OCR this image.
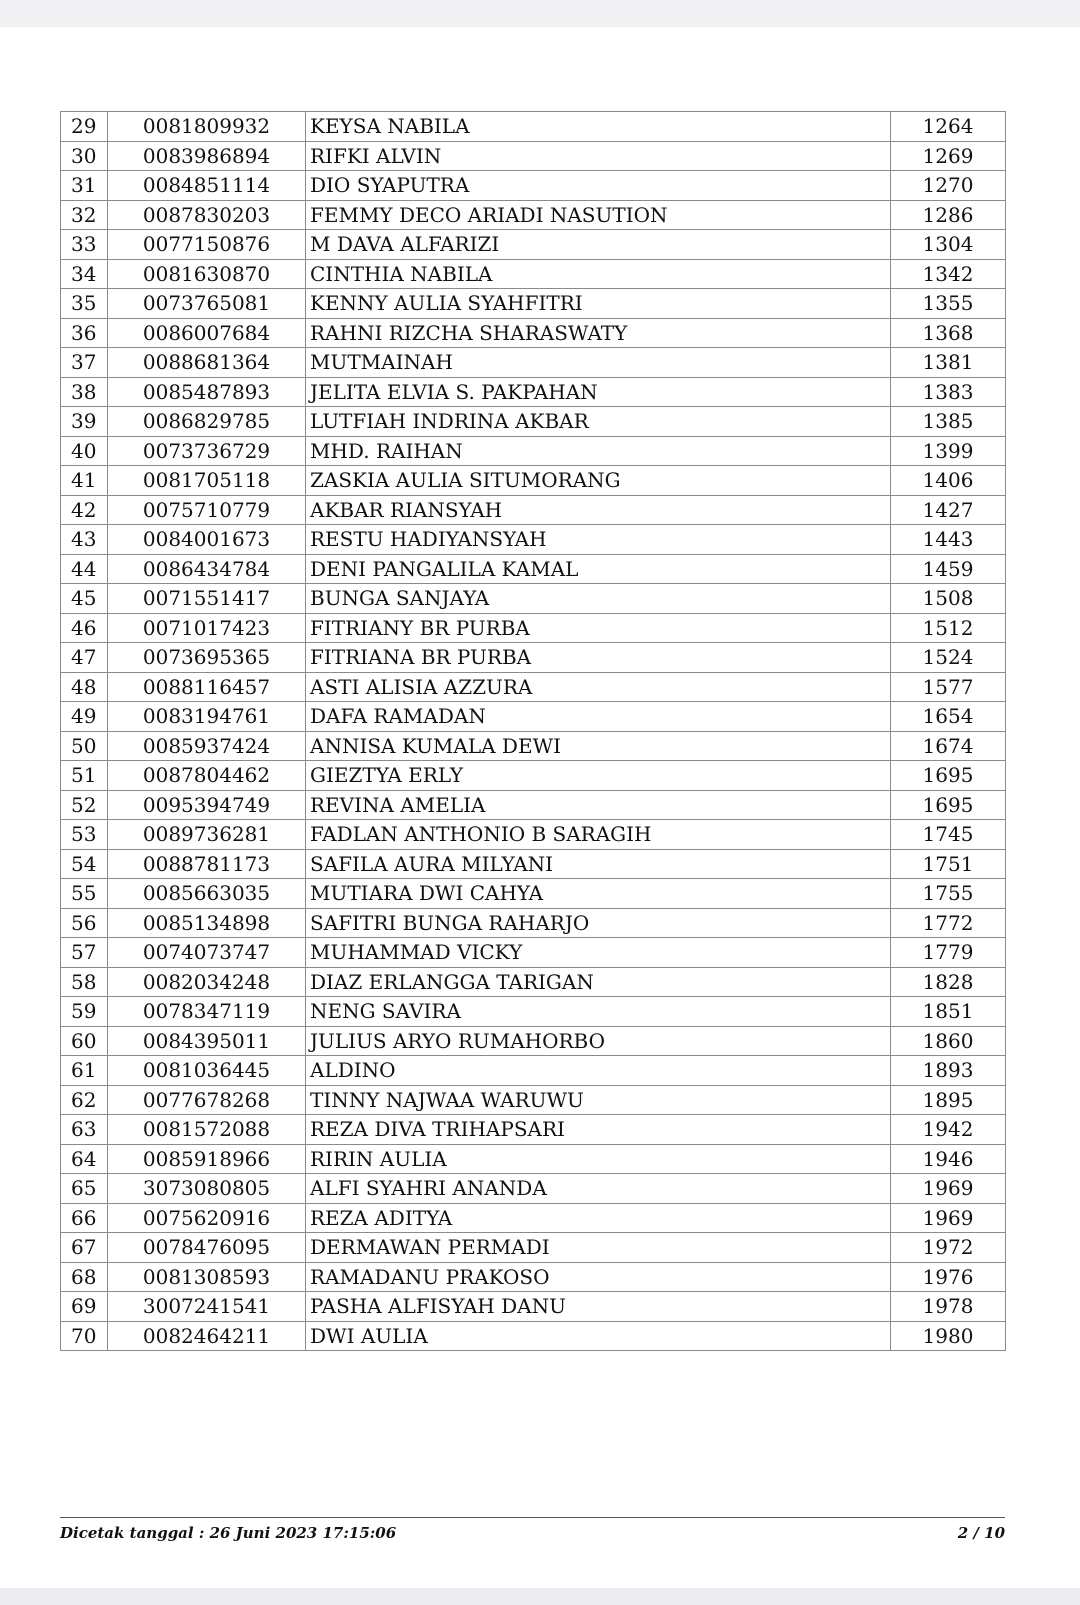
29	0081809932	KEYSA NABILA	1264
30	0083986894	RIFKI ALVIN	1269
31	0084851114	DIO SYAPUTRA	1270
32	0087830203	FEMMY DECO ARIADI NASUTION	1286
33	0077150876	M DAVA ALFARIZI	1304
34	0081630870	CINTHIA NABILA	1342
35	0073765081	KENNY AULIA SYAHFITRI	1355
36	0086007684	RAHNI RIZCHA SHARASWATY	1368
37	0088681364	MUTMAINAH	1381
38	0085487893	JELITA ELVIA S. PAKPAHAN	1383
39	0086829785	LUTFIAH INDRINA AKBAR	1385
40	0073736729	MHD. RAIHAN	1399
41	0081705118	ZASKIA AULIA SITUMORANG	1406
42	0075710779	AKBAR RIANSYAH	1427
43	0084001673	RESTU HADIYANSYAH	1443
44	0086434784	DENI PANGALILA KAMAL	1459
45	0071551417	BUNGA SANJAYA	1508
46	0071017423	FITRIANY BR PURBA	1512
47	0073695365	FITRIANA BR PURBA	1524
48	0088116457	ASTI ALISIA AZZURA	1577
49	0083194761	DAFA RAMADAN	1654
50	0085937424	ANNISA KUMALA DEWI	1674
51	0087804462	GIEZTYA ERLY	1695
52	0095394749	REVINA AMELIA	1695
53	0089736281	FADLAN ANTHONIO B SARAGIH	1745
54	0088781173	SAFILA AURA MILYANI	1751
55	0085663035	MUTIARA DWI CAHYA	1755
56	0085134898	SAFITRI BUNGA RAHARJO	1772
57	0074073747	MUHAMMAD VICKY	1779
58	0082034248	DIAZ ERLANGGA TARIGAN	1828
59	0078347119	NENG SAVIRA	1851
60	0084395011	JULIUS ARYO RUMAHORBO	1860
61	0081036445	ALDINO	1893
62	0077678268	TINNY NAJWAA WARUWU	1895
63	0081572088	REZA DIVA TRIHAPSARI	1942
64	0085918966	RIRIN AULIA	1946
65	3073080805	ALFI SYAHRI ANANDA	1969
66	0075620916	REZA ADITYA	1969
67	0078476095	DERMAWAN PERMADI	1972
68	0081308593	RAMADANU PRAKOSO	1976
69	3007241541	PASHA ALFISYAH DANU	1978
70	0082464211	DWI AULIA	1980
Dicetak tanggal : 26 Juni 2023 17:15:06	2 / 10
